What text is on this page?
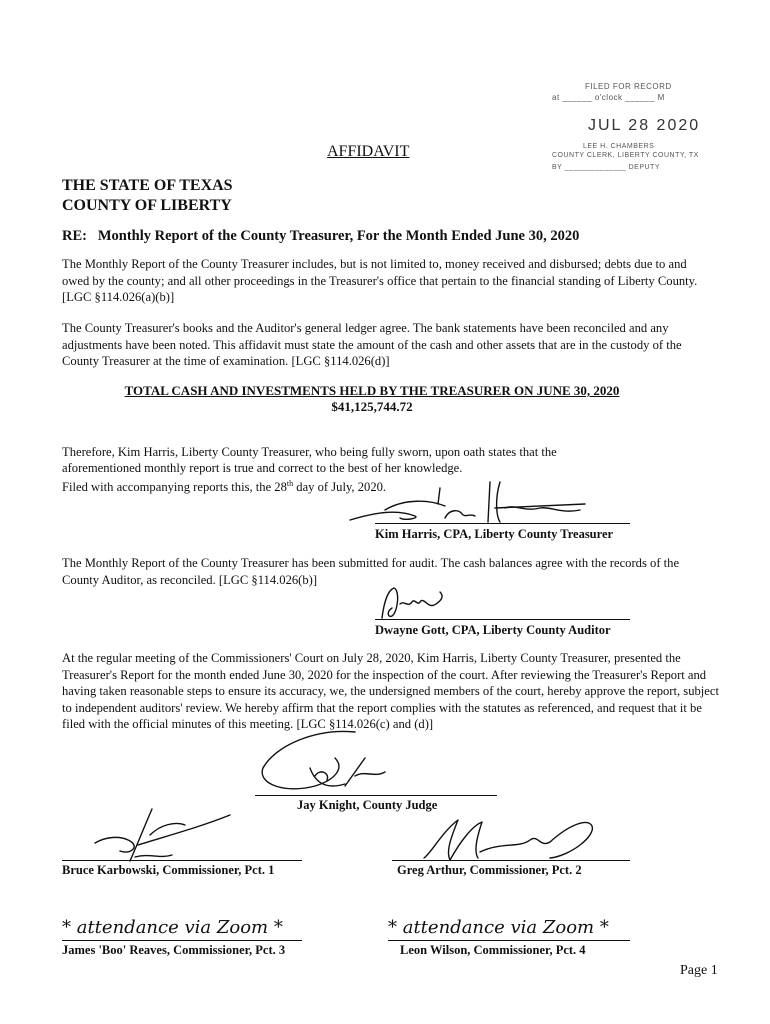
FILED FOR RECORD
at ______ o'clock ______ M
JUL 28 2020
LEE H. CHAMBERS
COUNTY CLERK, LIBERTY COUNTY, TX
BY ______________ DEPUTY
AFFIDAVIT
THE STATE OF TEXAS
COUNTY OF LIBERTY
RE:   Monthly Report of the County Treasurer, For the Month Ended June 30, 2020
The Monthly Report of the County Treasurer includes, but is not limited to, money received and disbursed; debts due to and owed by the county; and all other proceedings in the Treasurer's office that pertain to the financial standing of Liberty County. [LGC §114.026(a)(b)]
The County Treasurer's books and the Auditor's general ledger agree. The bank statements have been reconciled and any adjustments have been noted. This affidavit must state the amount of the cash and other assets that are in the custody of the County Treasurer at the time of examination. [LGC §114.026(d)]
TOTAL CASH AND INVESTMENTS HELD BY THE TREASURER ON JUNE 30, 2020
$41,125,744.72
Therefore, Kim Harris, Liberty County Treasurer, who being fully sworn, upon oath states that the
aforementioned monthly report is true and correct to the best of her knowledge.
Filed with accompanying reports this, the 28th day of July, 2020.
Kim Harris, CPA, Liberty County Treasurer
The Monthly Report of the County Treasurer has been submitted for audit. The cash balances agree with the records of the County Auditor, as reconciled. [LGC §114.026(b)]
Dwayne Gott, CPA, Liberty County Auditor
At the regular meeting of the Commissioners' Court on July 28, 2020, Kim Harris, Liberty County Treasurer, presented the Treasurer's Report for the month ended June 30, 2020 for the inspection of the court. After reviewing the Treasurer's Report and having taken reasonable steps to ensure its accuracy, we, the undersigned members of the court, hereby approve the report, subject to independent auditors' review. We hereby affirm that the report complies with the statutes as referenced, and request that it be filed with the official minutes of this meeting. [LGC §114.026(c) and (d)]
Jay Knight, County Judge
Bruce Karbowski, Commissioner, Pct. 1	Greg Arthur, Commissioner, Pct. 2
* attendance via Zoom *
James 'Boo' Reaves, Commissioner, Pct. 3
* attendance via Zoom *
Leon Wilson, Commissioner, Pct. 4
Page 1
